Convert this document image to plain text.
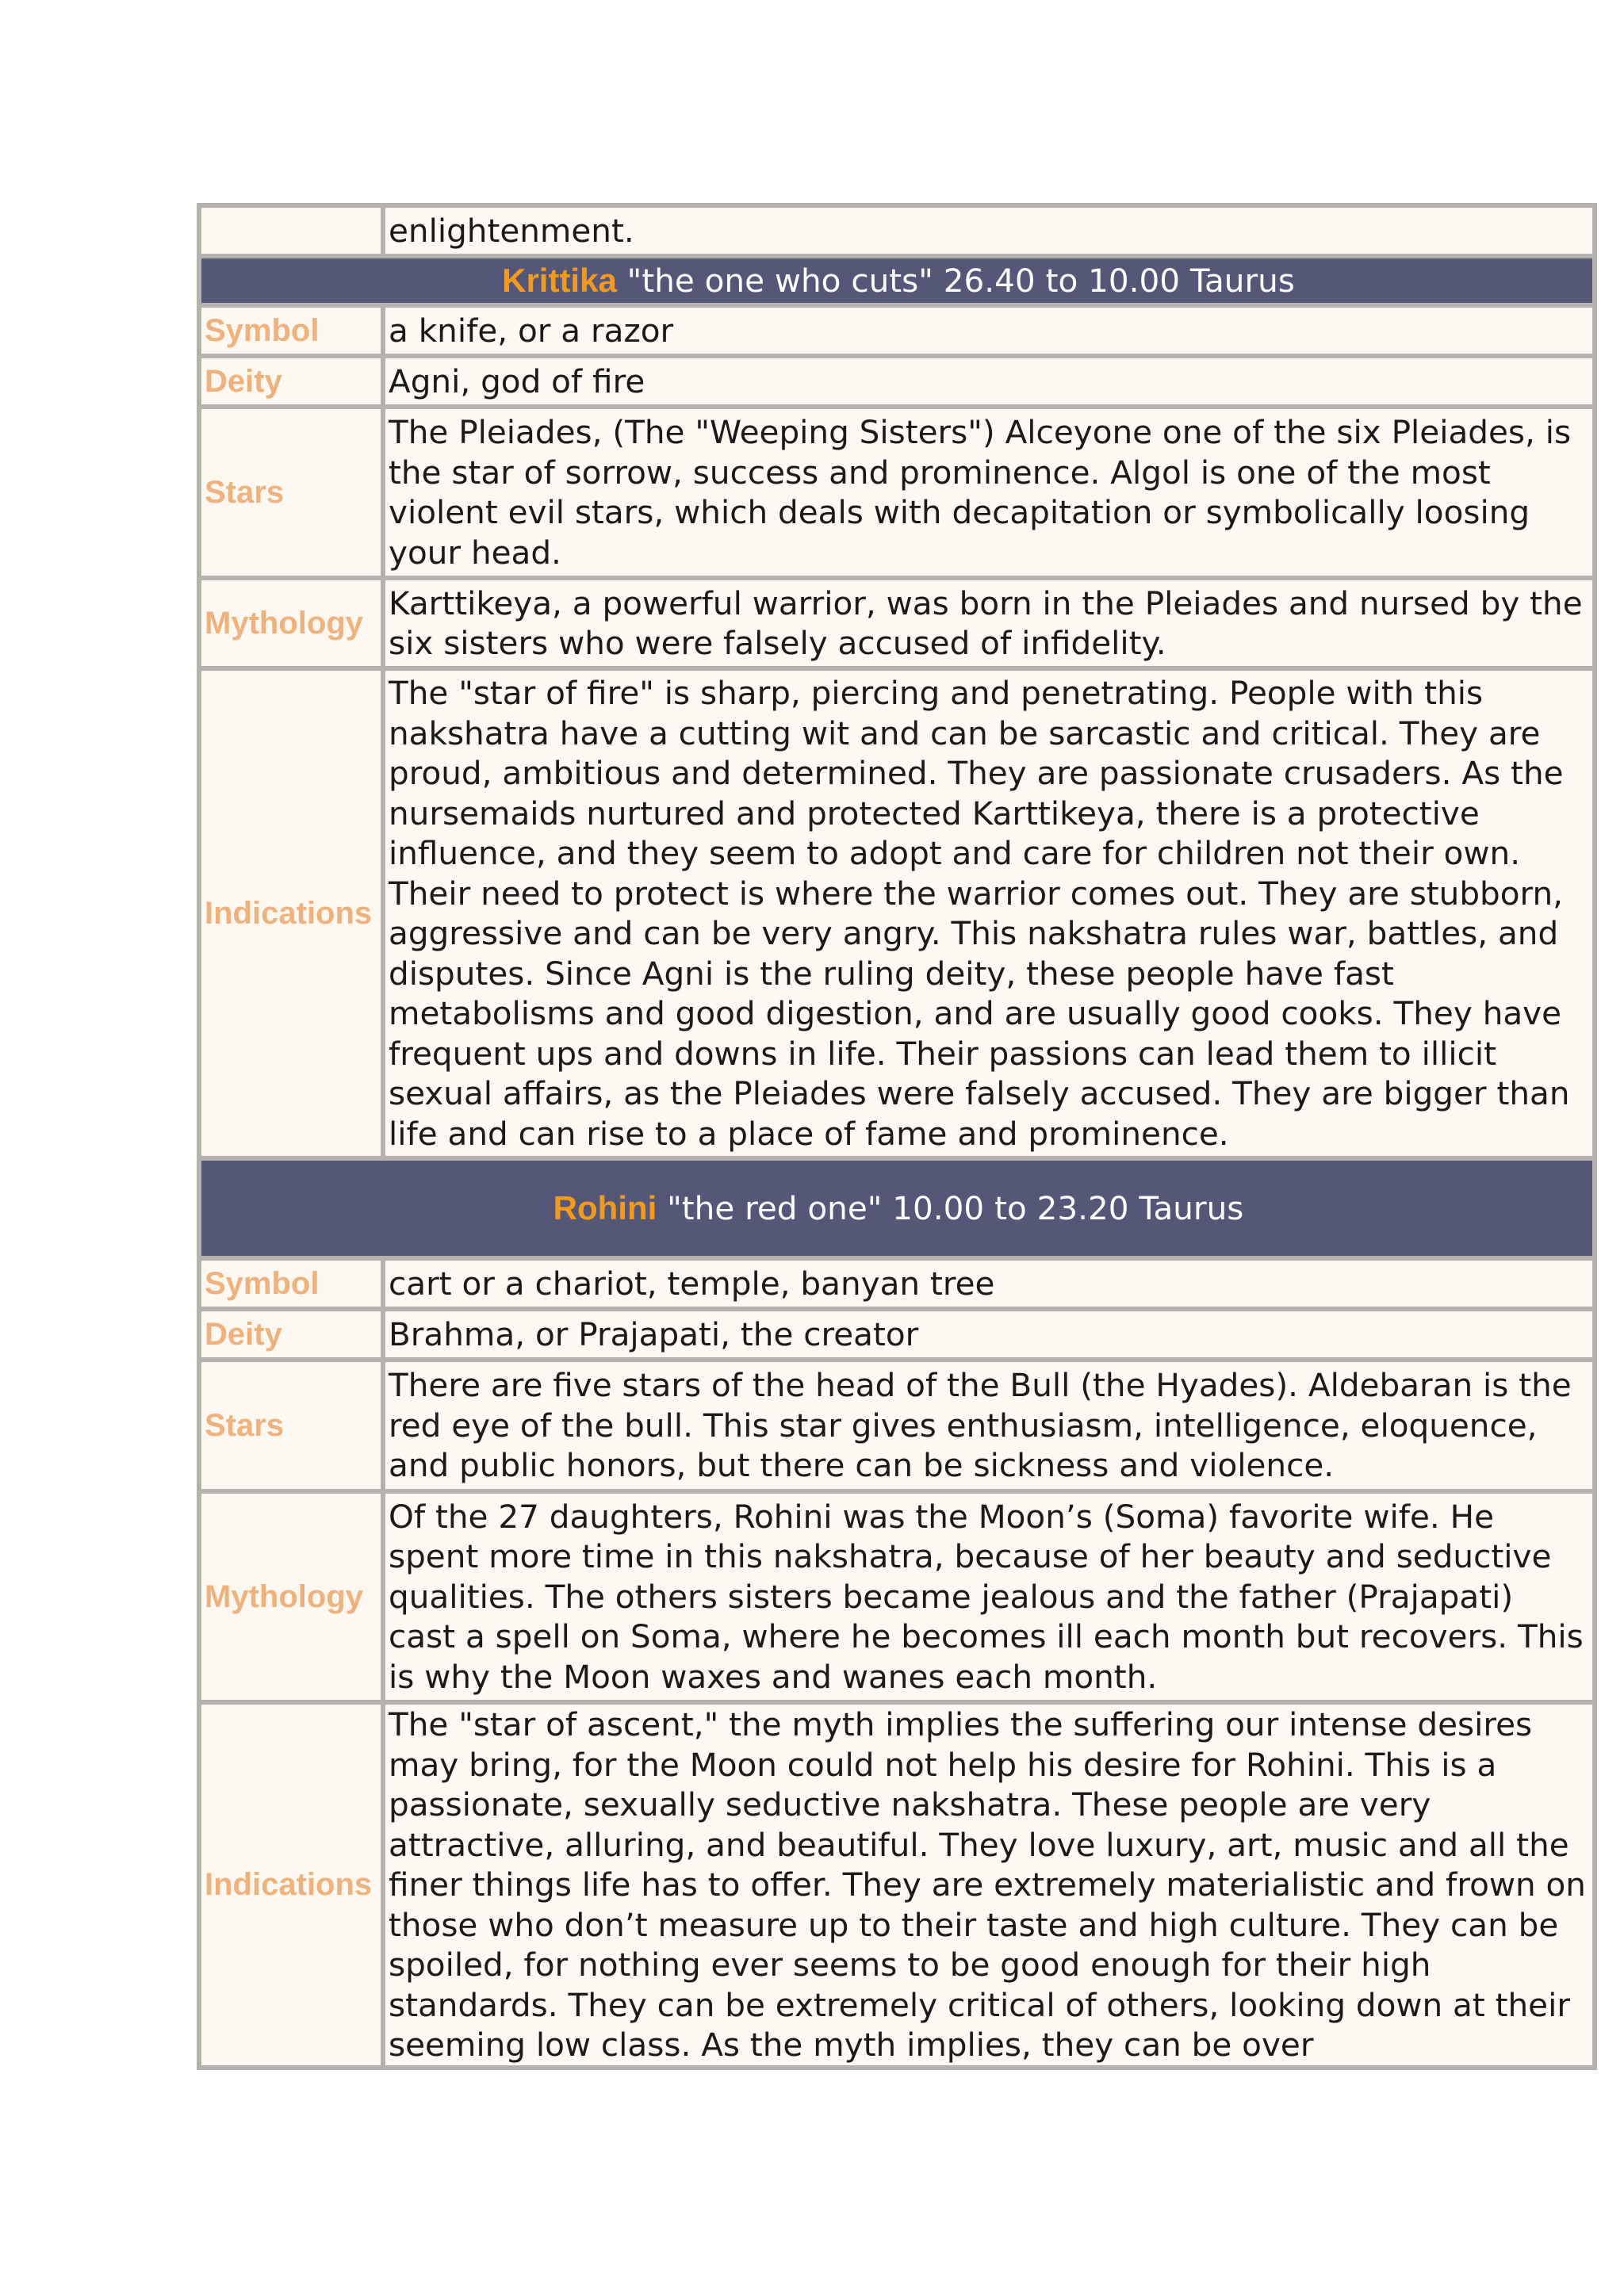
	enlightenment.
Krittika "the one who cuts" 26.40 to 10.00 Taurus	
Symbol	a knife, or a razor
Deity	Agni, god of fire
Stars	The Pleiades, (The "Weeping Sisters") Alceyone one of the six Pleiades, is the star of sorrow, success and prominence. Algol is one of the most violent evil stars, which deals with decapitation or symbolically loosing your head.
Mythology	Karttikeya, a powerful warrior, was born in the Pleiades and nursed by the six sisters who were falsely accused of infidelity.
Indications	The "star of fire" is sharp, piercing and penetrating. People with this nakshatra have a cutting wit and can be sarcastic and critical. They are proud, ambitious and determined. They are passionate crusaders. As the nursemaids nurtured and protected Karttikeya, there is a protective influence, and they seem to adopt and care for children not their own. Their need to protect is where the warrior comes out. They are stubborn, aggressive and can be very angry. This nakshatra rules war, battles, and disputes. Since Agni is the ruling deity, these people have fast metabolisms and good digestion, and are usually good cooks. They have frequent ups and downs in life. Their passions can lead them to illicit sexual affairs, as the Pleiades were falsely accused. They are bigger than life and can rise to a place of fame and prominence.
Rohini "the red one" 10.00 to 23.20 Taurus	
Symbol	cart or a chariot, temple, banyan tree
Deity	Brahma, or Prajapati, the creator
Stars	There are five stars of the head of the Bull (the Hyades). Aldebaran is the red eye of the bull. This star gives enthusiasm, intelligence, eloquence, and public honors, but there can be sickness and violence.
Mythology	Of the 27 daughters, Rohini was the Moon’s (Soma) favorite wife. He spent more time in this nakshatra, because of her beauty and seductive qualities. The others sisters became jealous and the father (Prajapati) cast a spell on Soma, where he becomes ill each month but recovers. This is why the Moon waxes and wanes each month.
Indications	The "star of ascent," the myth implies the suffering our intense desires may bring, for the Moon could not help his desire for Rohini. This is a passionate, sexually seductive nakshatra. These people are very attractive, alluring, and beautiful. They love luxury, art, music and all the finer things life has to offer. They are extremely materialistic and frown on those who don’t measure up to their taste and high culture. They can be spoiled, for nothing ever seems to be good enough for their high standards. They can be extremely critical of others, looking down at their seeming low class. As the myth implies, they can be over
